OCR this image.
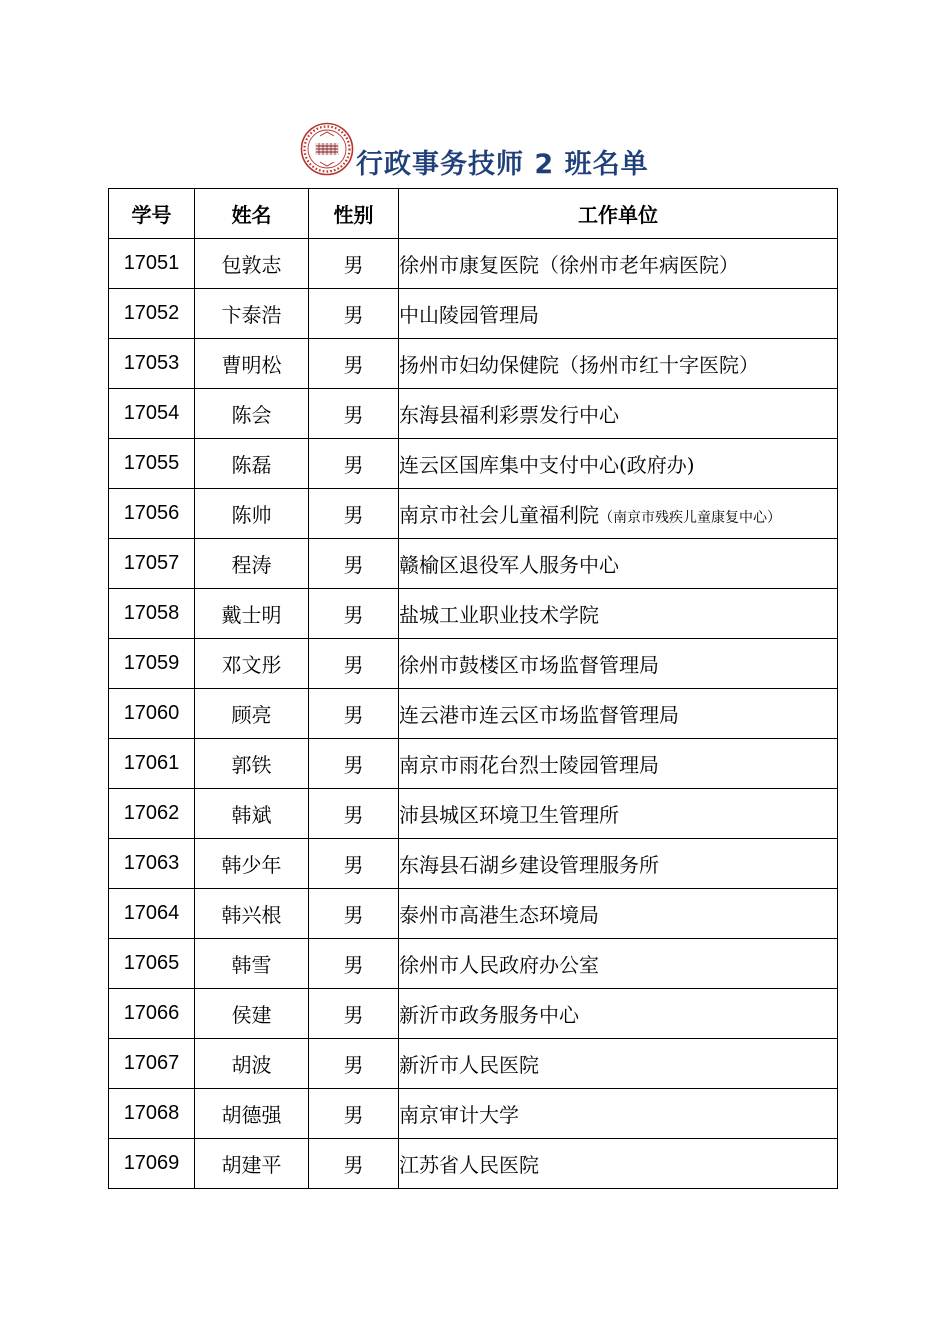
行政事务技师 2 班名单
学号	姓名	性别	工作单位
17051	包敦志	男	徐州市康复医院（徐州市老年病医院）
17052	卞泰浩	男	中山陵园管理局
17053	曹明松	男	扬州市妇幼保健院（扬州市红十字医院）
17054	陈会	男	东海县福利彩票发行中心
17055	陈磊	男	连云区国库集中支付中心(政府办)
17056	陈帅	男	南京市社会儿童福利院（南京市残疾儿童康复中心）
17057	程涛	男	赣榆区退役军人服务中心
17058	戴士明	男	盐城工业职业技术学院
17059	邓文彤	男	徐州市鼓楼区市场监督管理局
17060	顾亮	男	连云港市连云区市场监督管理局
17061	郭铁	男	南京市雨花台烈士陵园管理局
17062	韩斌	男	沛县城区环境卫生管理所
17063	韩少年	男	东海县石湖乡建设管理服务所
17064	韩兴根	男	泰州市高港生态环境局
17065	韩雪	男	徐州市人民政府办公室
17066	侯建	男	新沂市政务服务中心
17067	胡波	男	新沂市人民医院
17068	胡德强	男	南京审计大学
17069	胡建平	男	江苏省人民医院
